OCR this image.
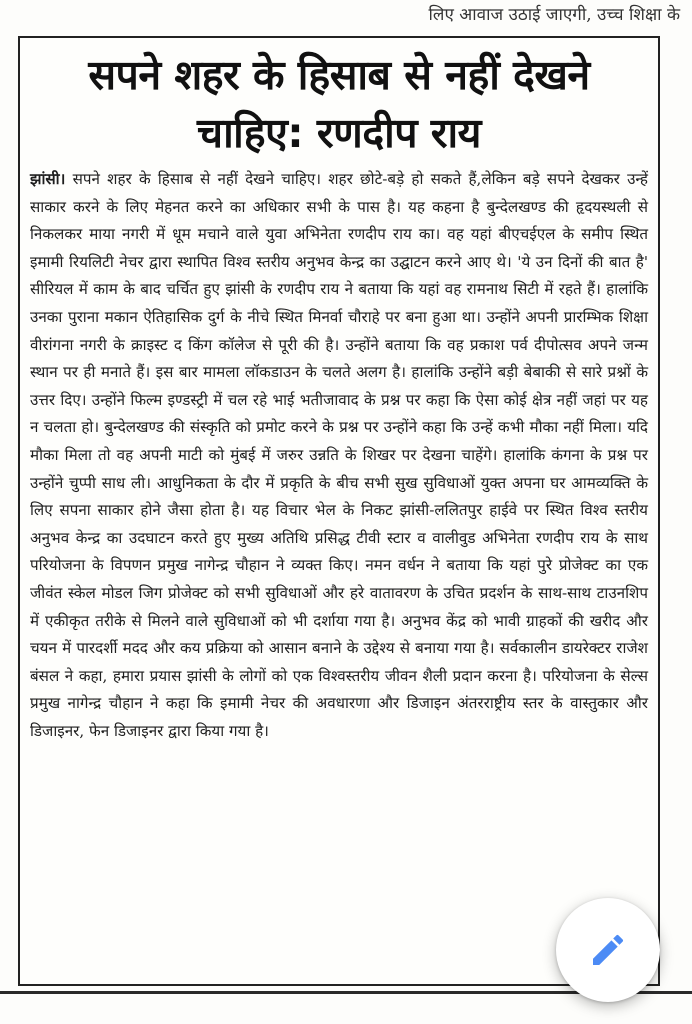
लिए आवाज उठाई जाएगी, उच्च शिक्षा के
सपने शहर के हिसाब से नहीं देखने चाहिए: रणदीप राय

झांसी। सपने शहर के हिसाब से नहीं देखने चाहिए। शहर छोटे-बड़े हो सकते हैं,लेकिन बड़े सपने देखकर उन्हें साकार करने के लिए मेहनत करने का अधिकार सभी के पास है। यह कहना है बुन्देलखण्ड की हृदयस्थली से निकलकर माया नगरी में धूम मचाने वाले युवा अभिनेता रणदीप राय का। वह यहां बीएचईएल के समीप स्थित इमामी रियलिटी नेचर द्वारा स्थापित विश्व स्तरीय अनुभव केन्द्र का उद्घाटन करने आए थे। 'ये उन दिनों की बात है' सीरियल में काम के बाद चर्चित हुए झांसी के रणदीप राय ने बताया कि यहां वह रामनाथ सिटी में रहते हैं। हालांकि उनका पुराना मकान ऐतिहासिक दुर्ग के नीचे स्थित मिनर्वा चौराहे पर बना हुआ था। उन्होंने अपनी प्रारम्भिक शिक्षा वीरांगना नगरी के क्राइस्ट द किंग कॉलेज से पूरी की है। उन्होंने बताया कि वह प्रकाश पर्व दीपोत्सव अपने जन्म स्थान पर ही मनाते हैं। इस बार मामला लॉकडाउन के चलते अलग है। हालांकि उन्होंने बड़ी बेबाकी से सारे प्रश्नों के उत्तर दिए। उन्होंने फिल्म इण्डस्ट्री में चल रहे भाई भतीजावाद के प्रश्न पर कहा कि ऐसा कोई क्षेत्र नहीं जहां पर यह न चलता हो। बुन्देलखण्ड की संस्कृति को प्रमोट करने के प्रश्न पर उन्होंने कहा कि उन्हें कभी मौका नहीं मिला। यदि मौका मिला तो वह अपनी माटी को मुंबई में जरुर उन्नति के शिखर पर देखना चाहेंगे। हालांकि कंगना के प्रश्न पर उन्होंने चुप्पी साध ली। आधुनिकता के दौर में प्रकृति के बीच सभी सुख सुविधाओं युक्त अपना घर आमव्यक्ति के लिए सपना साकार होने जैसा होता है। यह विचार भेल के निकट झांसी-ललितपुर हाईवे पर स्थित विश्व स्तरीय अनुभव केन्द्र का उदघाटन करते हुए मुख्य अतिथि प्रसिद्ध टीवी स्टार व वालीवुड अभिनेता रणदीप राय के साथ परियोजना के विपणन प्रमुख नागेन्द्र चौहान ने व्यक्त किए। नमन वर्धन ने बताया कि यहां पुरे प्रोजेक्ट का एक जीवंत स्केल मोडल जिग प्रोजेक्ट को सभी सुविधाओं और हरे वातावरण के उचित प्रदर्शन के साथ-साथ टाउनशिप में एकीकृत तरीके से मिलने वाले सुविधाओं को भी दर्शाया गया है। अनुभव केंद्र को भावी ग्राहकों की खरीद और चयन में पारदर्शी मदद और कय प्रक्रिया को आसान बनाने के उद्देश्य से बनाया गया है। सर्वकालीन डायरेक्टर राजेश बंसल ने कहा, हमारा प्रयास झांसी के लोगों को एक विश्वस्तरीय जीवन शैली प्रदान करना है। परियोजना के सेल्स प्रमुख नागेन्द्र चौहान ने कहा कि इमामी नेचर की अवधारणा और डिजाइन अंतरराष्ट्रीय स्तर के वास्तुकार और डिजाइनर, फेन डिजाइनर द्वारा किया गया है।
